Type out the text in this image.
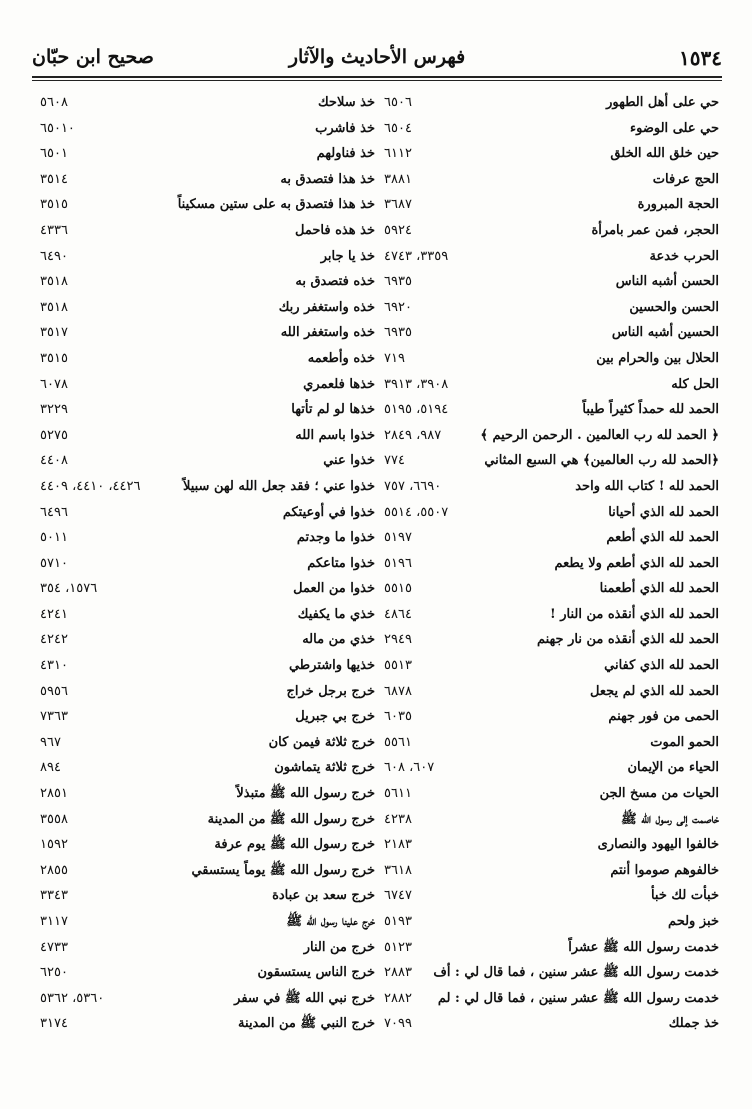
١٥٣٤
فهرس الأحاديث والآثار
صحيح ابن حبّان
حي على أهل الطهور
٦٥٠٦
حي على الوضوء
٦٥٠٤
حين خلق الله الخلق
٦١١٢
الحج عرفات
٣٨٨١
الحجة المبرورة
٣٦٨٧
الحجر، فمن عمر بامرأة
٥٩٢٤
الحرب خدعة
٣٣٥٩، ٤٧٤٣
الحسن أشبه الناس
٦٩٣٥
الحسن والحسين
٦٩٢٠
الحسين أشبه الناس
٦٩٣٥
الحلال بين والحرام بين
٧١٩
الحل كله
٣٩٠٨، ٣٩١٣
الحمد لله حمداً كثيراً طيباً
٥١٩٤، ٥١٩٥
﴿ الحمد لله رب العالمين . الرحمن الرحيم ﴾
٩٨٧، ٢٨٤٩
﴿الحمد لله رب العالمين﴾ هي السبع المثاني
٧٧٤
الحمد لله ! كتاب الله واحد
٦٦٩٠، ٧٥٧
الحمد لله الذي أحيانا
٥٥٠٧، ٥٥١٤
الحمد لله الذي أطعم
٥١٩٧
الحمد لله الذي أطعم ولا يطعم
٥١٩٦
الحمد لله الذي أطعمنا
٥٥١٥
الحمد لله الذي أنقذه من النار !
٤٨٦٤
الحمد لله الذي أنقذه من نار جهنم
٢٩٤٩
الحمد لله الذي كفاني
٥٥١٣
الحمد لله الذي لم يجعل
٦٨٧٨
الحمى من فور جهنم
٦٠٣٥
الحمو الموت
٥٥٦١
الحياء من الإيمان
٦٠٧، ٦٠٨
الحيات من مسخ الجن
٥٦١١
خاصمت إلى رسول الله ﷺ
٤٢٣٨
خالفوا اليهود والنصارى
٢١٨٣
خالفوهم صوموا أنتم
٣٦١٨
خبأت لك خبأ
٦٧٤٧
خبز ولحم
٥١٩٣
خدمت رسول الله ﷺ عشراً
٥١٢٣
خدمت رسول الله ﷺ عشر سنين ، فما قال لي : أف
٢٨٨٣
خدمت رسول الله ﷺ عشر سنين ، فما قال لي : لم
٢٨٨٢
خذ جملك
٧٠٩٩
خذ سلاحك
٥٦٠٨
خذ فاشرب
٦٥٠١٠
خذ فناولهم
٦٥٠١
خذ هذا فتصدق به
٣٥١٤
خذ هذا فتصدق به على ستين مسكيناً
٣٥١٥
خذ هذه فاحمل
٤٣٣٦
خذ يا جابر
٦٤٩٠
خذه فتصدق به
٣٥١٨
خذه واستغفر ربك
٣٥١٨
خذه واستغفر الله
٣٥١٧
خذه وأطعمه
٣٥١٥
خذها فلعمري
٦٠٧٨
خذها لو لم تأتها
٣٢٢٩
خذوا باسم الله
٥٢٧٥
خذوا عني
٤٤٠٨
خذوا عني ؛ فقد جعل الله لهن سبيلاً
٤٤٢٦، ٤٤١٠، ٤٤٠٩
خذوا في أوعيتكم
٦٤٩٦
خذوا ما وجدتم
٥٠١١
خذوا متاعكم
٥٧١٠
خذوا من العمل
١٥٧٦، ٣٥٤
خذي ما يكفيك
٤٢٤١
خذي من ماله
٤٢٤٢
خذيها واشترطي
٤٣١٠
خرج برجل خراج
٥٩٥٦
خرج بي جبريل
٧٣٦٣
خرج ثلاثة فيمن كان
٩٦٧
خرج ثلاثة يتماشون
٨٩٤
خرج رسول الله ﷺ متبذلاً
٢٨٥١
خرج رسول الله ﷺ من المدينة
٣٥٥٨
خرج رسول الله ﷺ يوم عرفة
١٥٩٢
خرج رسول الله ﷺ يوماً يستسقي
٢٨٥٥
خرج سعد بن عبادة
٣٣٤٣
خرج علينا رسول الله ﷺ
٣١١٧
خرج من النار
٤٧٣٣
خرج الناس يستسقون
٦٢٥٠
خرج نبي الله ﷺ في سفر
٥٣٦٠، ٥٣٦٢
خرج النبي ﷺ من المدينة
٣١٧٤
